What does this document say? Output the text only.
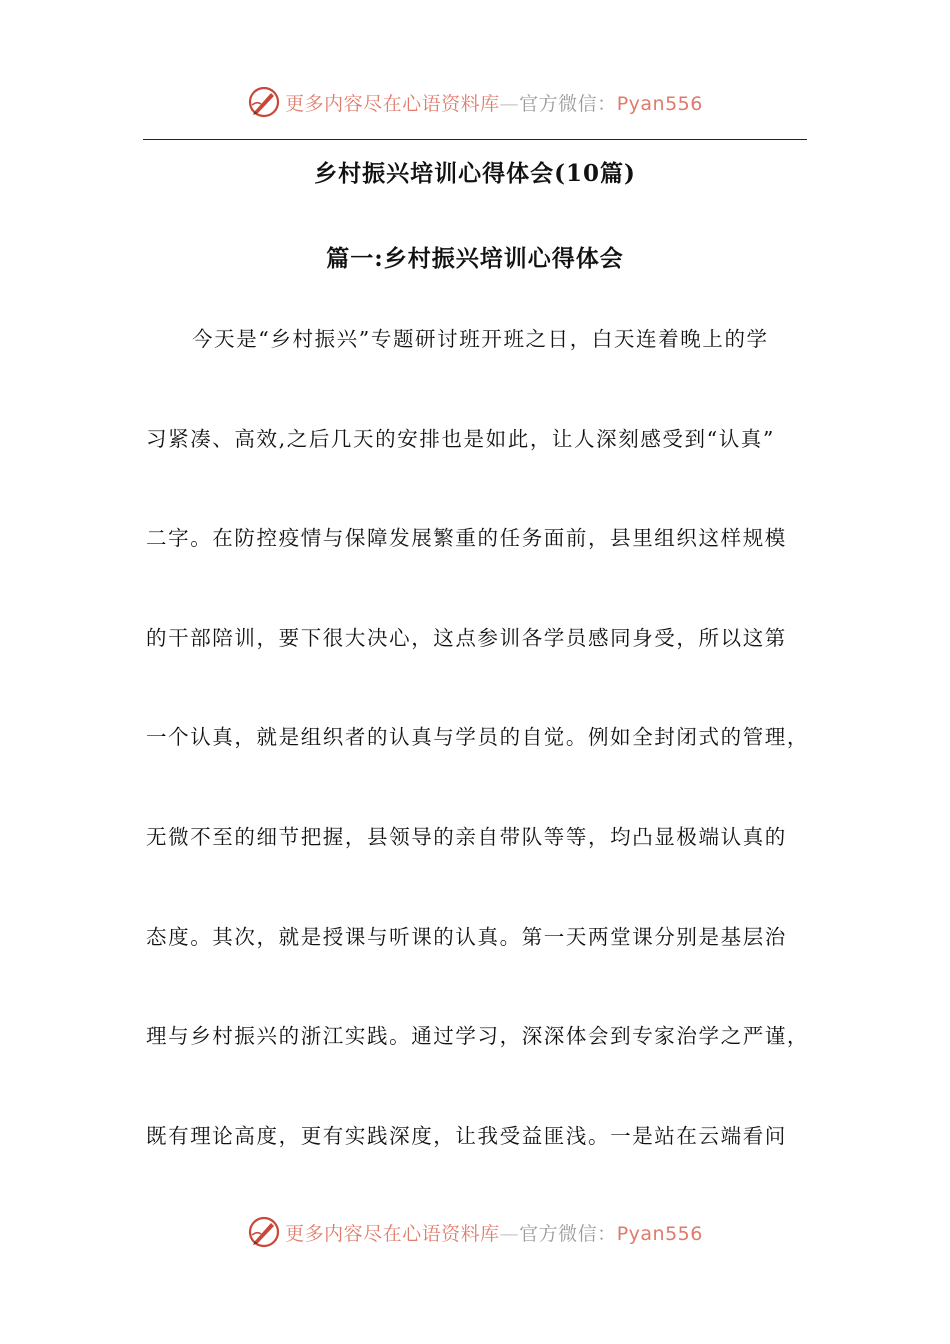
更多内容尽在心语资料库—官方微信：Pyan556
乡村振兴培训心得体会(10篇)
篇一:乡村振兴培训心得体会
今天是“乡村振兴”专题研讨班开班之日，白天连着晚上的学
习紧凑、高效,之后几天的安排也是如此，让人深刻感受到“认真”
二字。在防控疫情与保障发展繁重的任务面前，县里组织这样规模
的干部陪训，要下很大决心，这点参训各学员感同身受，所以这第
一个认真，就是组织者的认真与学员的自觉。例如全封闭式的管理，
无微不至的细节把握，县领导的亲自带队等等，均凸显极端认真的
态度。其次，就是授课与听课的认真。第一天两堂课分别是基层治
理与乡村振兴的浙江实践。通过学习，深深体会到专家治学之严谨，
既有理论高度，更有实践深度，让我受益匪浅。一是站在云端看问
更多内容尽在心语资料库—官方微信：Pyan556
